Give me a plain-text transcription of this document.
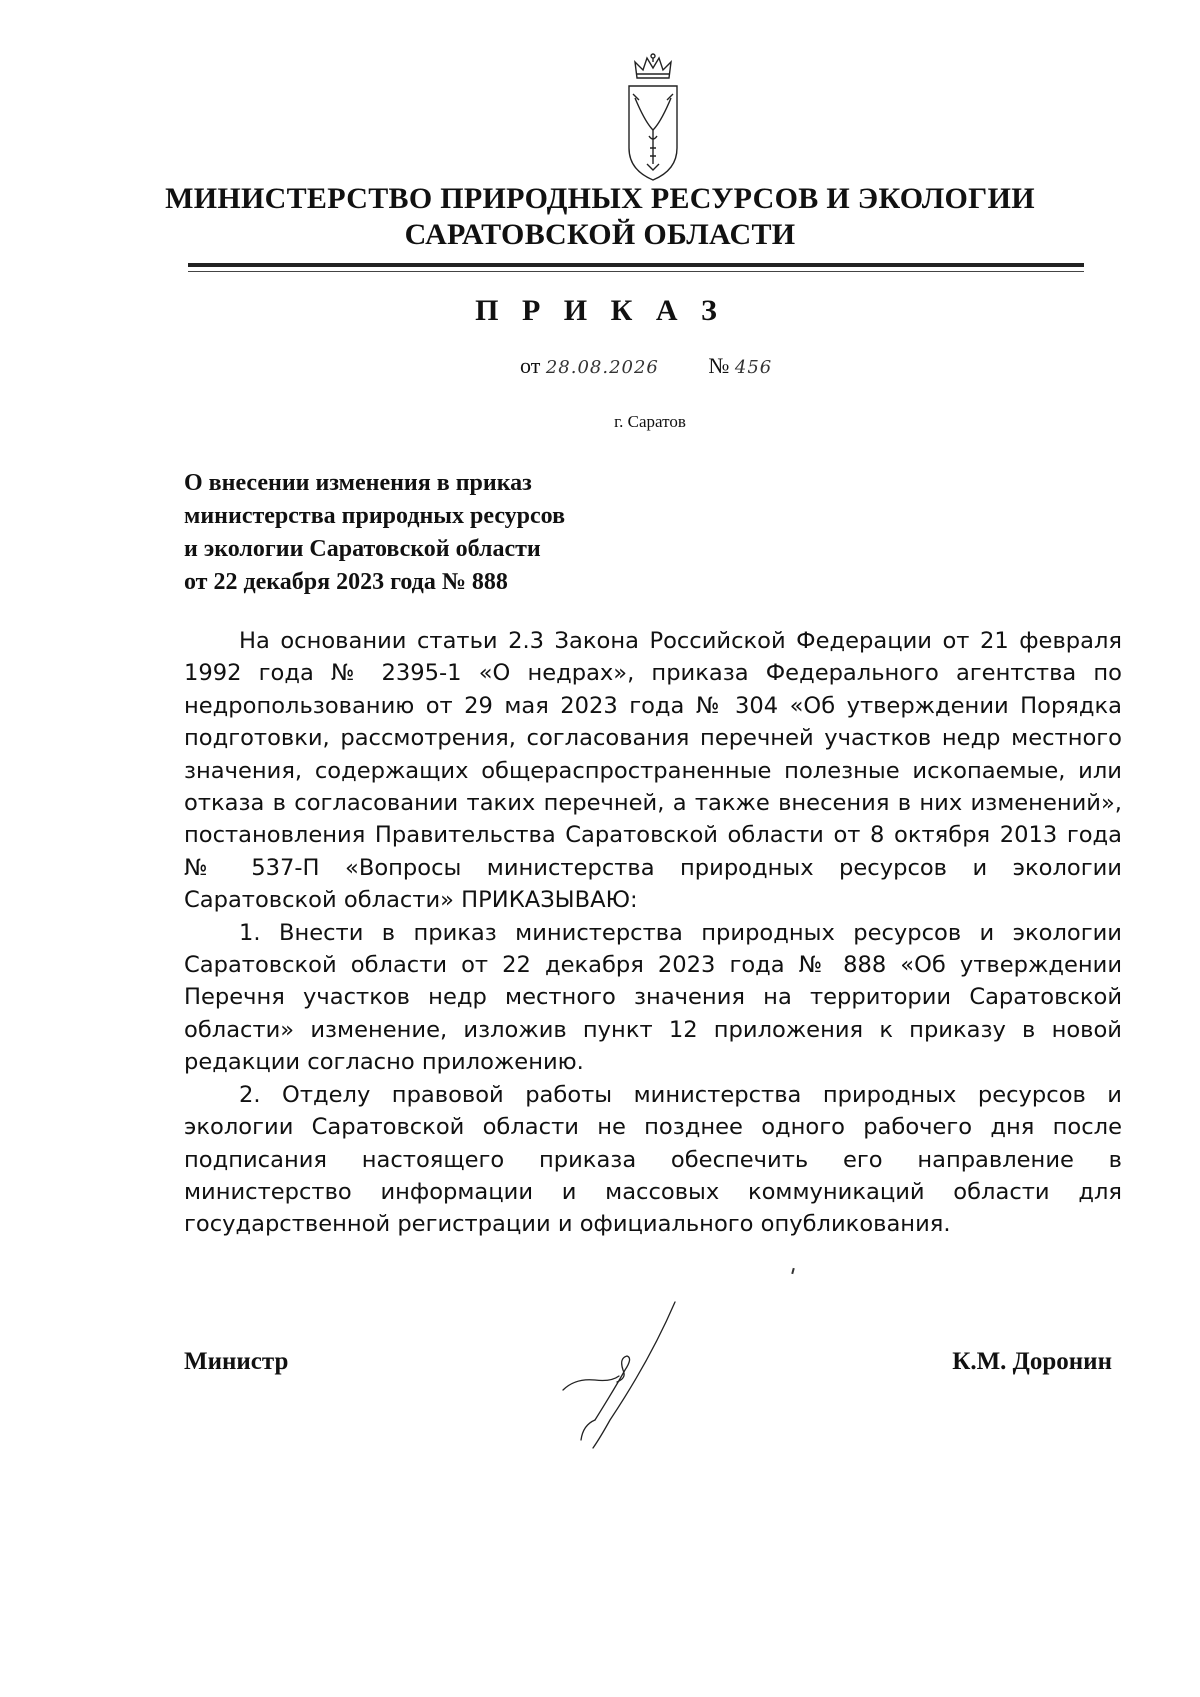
МИНИСТЕРСТВО ПРИРОДНЫХ РЕСУРСОВ И ЭКОЛОГИИ
САРАТОВСКОЙ ОБЛАСТИ
П Р И К А З
от 28.08.2026 № 456
г. Саратов
О внесении изменения в приказ
министерства природных ресурсов
и экологии Саратовской области
от 22 декабря 2023 года № 888

На основании статьи 2.3 Закона Российской Федерации от 21 февраля 1992 года № 2395-1 «О недрах», приказа Федерального агентства по недропользованию от 29 мая 2023 года № 304 «Об утверждении Порядка подготовки, рассмотрения, согласования перечней участков недр местного значения, содержащих общераспространенные полезные ископаемые, или отказа в согласовании таких перечней, а также внесения в них изменений», постановления Правительства Саратовской области от 8 октября 2013 года № 537-П «Вопросы министерства природных ресурсов и экологии Саратовской области» ПРИКАЗЫВАЮ:

1. Внести в приказ министерства природных ресурсов и экологии Саратовской области от 22 декабря 2023 года № 888 «Об утверждении Перечня участков недр местного значения на территории Саратовской области» изменение, изложив пункт 12 приложения к приказу в новой редакции согласно приложению.

2. Отделу правовой работы министерства природных ресурсов и экологии Саратовской области не позднее одного рабочего дня после подписания настоящего приказа обеспечить его направление в министерство информации и массовых коммуникаций области для государственной регистрации и официального опубликования.

Министр	К.М. Доронин
